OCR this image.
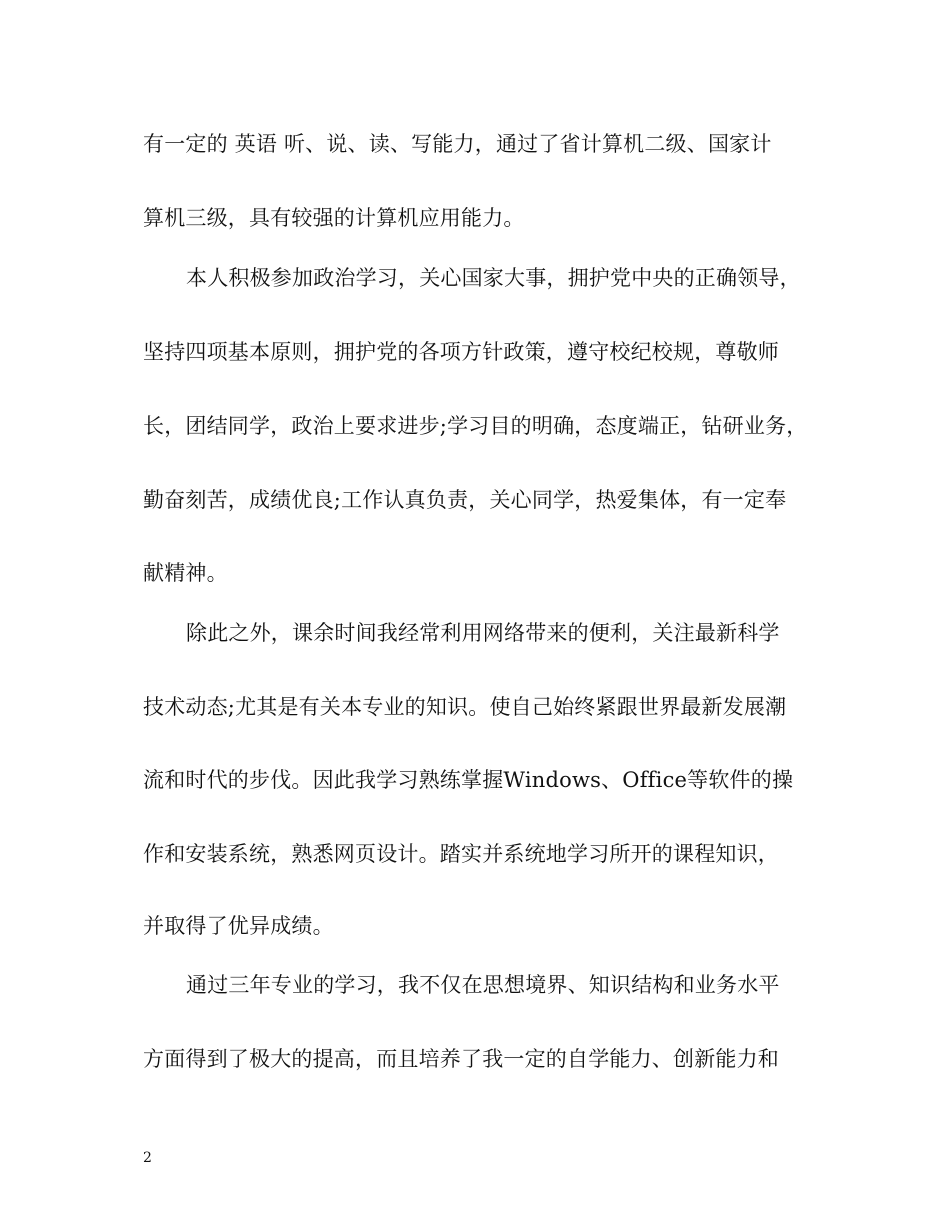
有一定的 英语 听、说、读、写能力，通过了省计算机二级、国家计
算机三级，具有较强的计算机应用能力。
本人积极参加政治学习，关心国家大事，拥护党中央的正确领导，
坚持四项基本原则，拥护党的各项方针政策，遵守校纪校规，尊敬师
长，团结同学，政治上要求进步;学习目的明确，态度端正，钻研业务，
勤奋刻苦，成绩优良;工作认真负责，关心同学，热爱集体，有一定奉
献精神。
除此之外，课余时间我经常利用网络带来的便利，关注最新科学
技术动态;尤其是有关本专业的知识。使自己始终紧跟世界最新发展潮
流和时代的步伐。因此我学习熟练掌握Windows、Office等软件的操
作和安装系统，熟悉网页设计。踏实并系统地学习所开的课程知识，
并取得了优异成绩。
通过三年专业的学习，我不仅在思想境界、知识结构和业务水平
方面得到了极大的提高，而且培养了我一定的自学能力、创新能力和
2
